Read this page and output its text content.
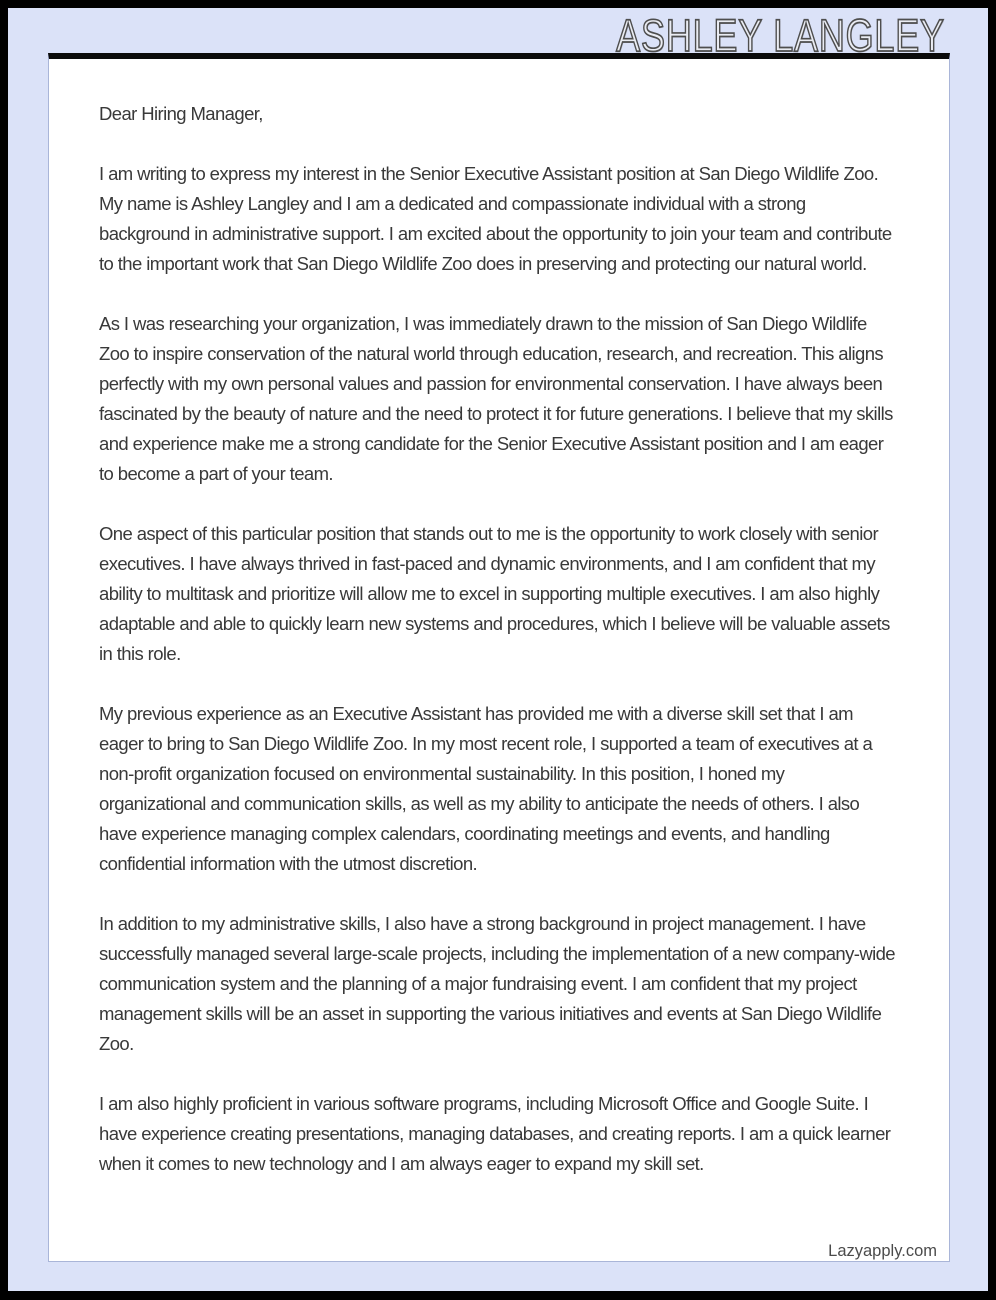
ASHLEY LANGLEY

Dear Hiring Manager,

I am writing to express my interest in the Senior Executive Assistant position at San Diego Wildlife Zoo. My name is Ashley Langley and I am a dedicated and compassionate individual with a strong background in administrative support. I am excited about the opportunity to join your team and contribute to the important work that San Diego Wildlife Zoo does in preserving and protecting our natural world.

As I was researching your organization, I was immediately drawn to the mission of San Diego Wildlife Zoo to inspire conservation of the natural world through education, research, and recreation. This aligns perfectly with my own personal values and passion for environmental conservation. I have always been fascinated by the beauty of nature and the need to protect it for future generations. I believe that my skills and experience make me a strong candidate for the Senior Executive Assistant position and I am eager to become a part of your team.

One aspect of this particular position that stands out to me is the opportunity to work closely with senior executives. I have always thrived in fast-paced and dynamic environments, and I am confident that my ability to multitask and prioritize will allow me to excel in supporting multiple executives. I am also highly adaptable and able to quickly learn new systems and procedures, which I believe will be valuable assets in this role.

My previous experience as an Executive Assistant has provided me with a diverse skill set that I am eager to bring to San Diego Wildlife Zoo. In my most recent role, I supported a team of executives at a non-profit organization focused on environmental sustainability. In this position, I honed my organizational and communication skills, as well as my ability to anticipate the needs of others. I also have experience managing complex calendars, coordinating meetings and events, and handling confidential information with the utmost discretion.

In addition to my administrative skills, I also have a strong background in project management. I have successfully managed several large-scale projects, including the implementation of a new company-wide communication system and the planning of a major fundraising event. I am confident that my project management skills will be an asset in supporting the various initiatives and events at San Diego Wildlife Zoo.

I am also highly proficient in various software programs, including Microsoft Office and Google Suite. I have experience creating presentations, managing databases, and creating reports. I am a quick learner when it comes to new technology and I am always eager to expand my skill set.

Lazyapply.com
